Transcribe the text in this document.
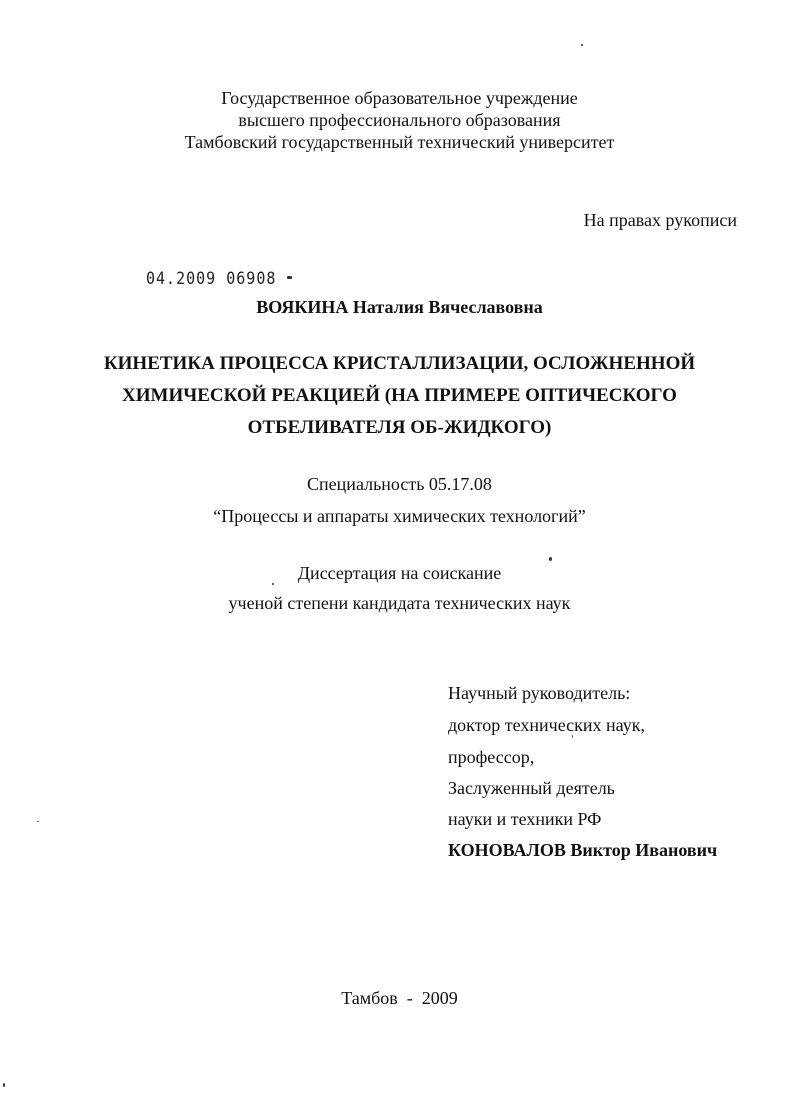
Государственное образовательное учреждение
высшего профессионального образования
Тамбовский государственный технический университет
На правах рукописи
04.2009 06908
ВОЯКИНА Наталия Вячеславовна
КИНЕТИКА ПРОЦЕССА КРИСТАЛЛИЗАЦИИ, ОСЛОЖНЕННОЙ
ХИМИЧЕСКОЙ РЕАКЦИЕЙ (НА ПРИМЕРЕ ОПТИЧЕСКОГО
ОТБЕЛИВАТЕЛЯ ОБ-ЖИДКОГО)
Специальность 05.17.08
“Процессы и аппараты химических технологий”
Диссертация на соискание
ученой степени кандидата технических наук
Научный руководитель:
доктор технических наук,
профессор,
Заслуженный деятель
науки и техники РФ
КОНОВАЛОВ Виктор Иванович
Тамбов  -  2009
